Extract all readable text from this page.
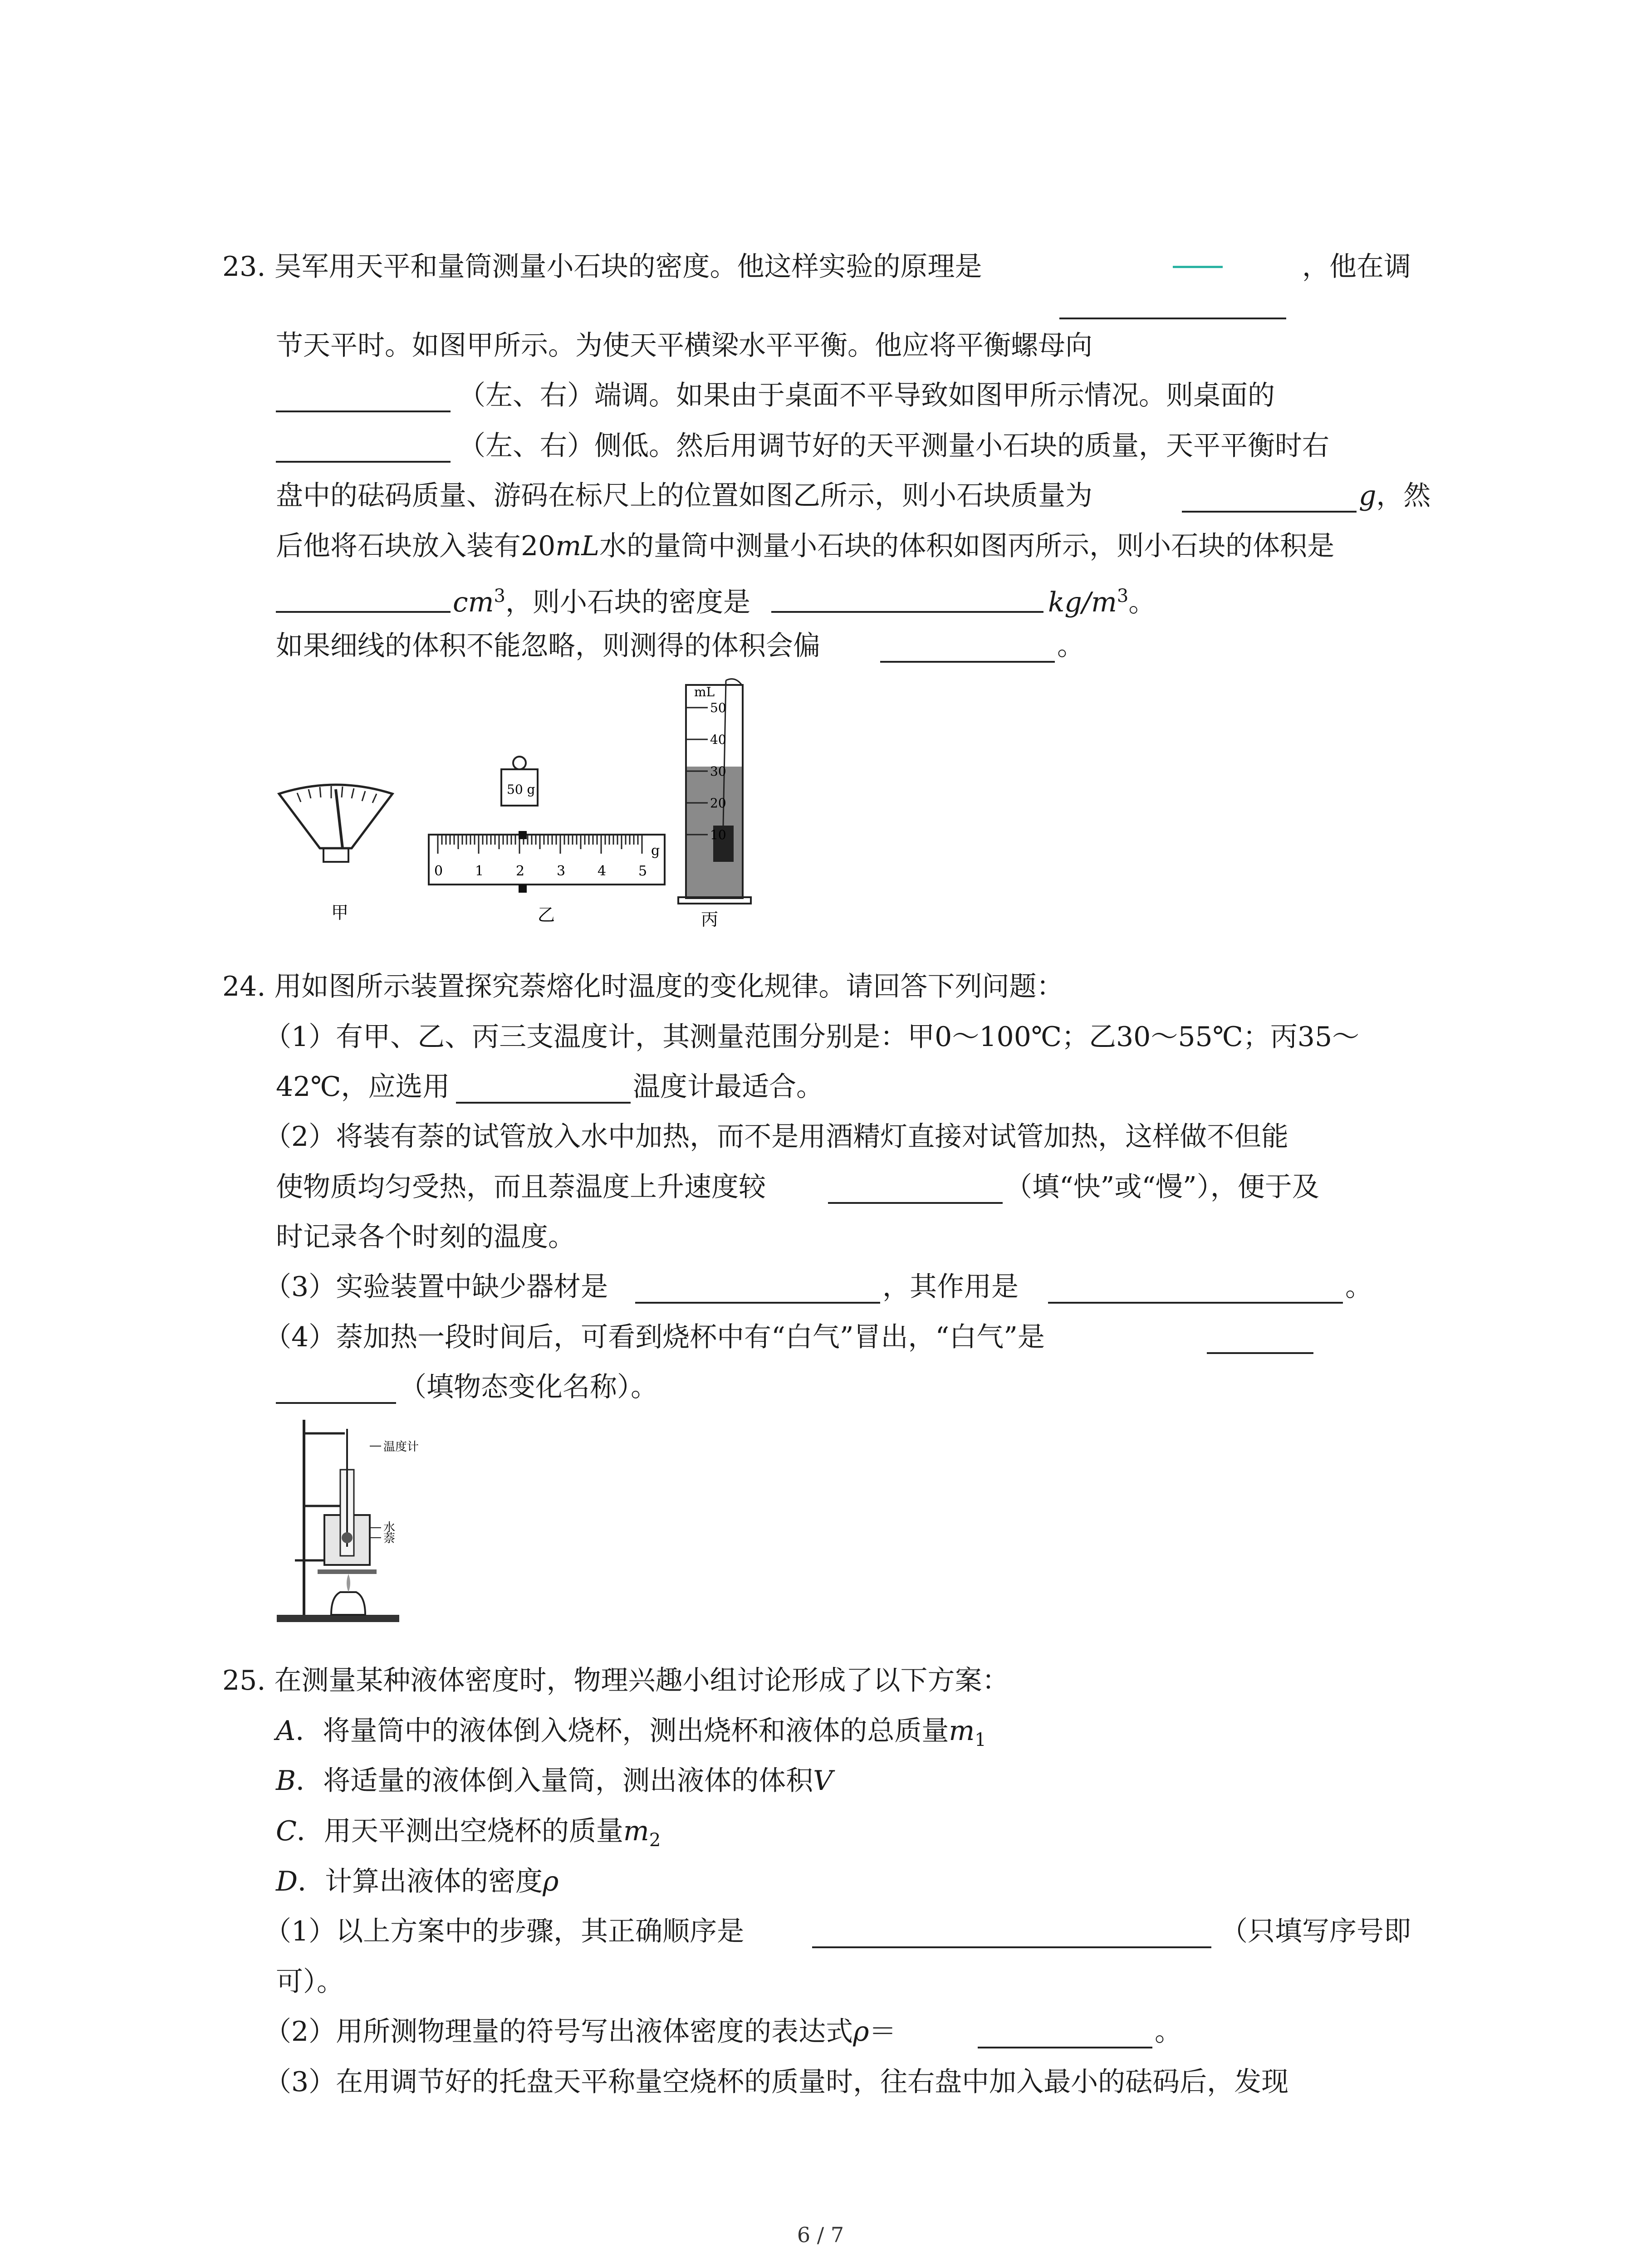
23. 吴军用天平和量筒测量小石块的密度。他这样实验的原理是	，他在调
节天平时。如图甲所示。为使天平横梁水平平衡。他应将平衡螺母向
（左、右）端调。如果由于桌面不平导致如图甲所示情况。则桌面的
（左、右）侧低。然后用调节好的天平测量小石块的质量，天平平衡时右
盘中的砝码质量、游码在标尺上的位置如图乙所示，则小石块质量为	g，然
后他将石块放入装有20mL水的量筒中测量小石块的体积如图丙所示，则小石块的体积是
$cm^3$，则小石块的密度是	$kg/m^3$。
如果细线的体积不能忽略，则测得的体积会偏	。
甲
50 g
0 1 2 3 4 5
g
乙
mL
50
40
30
20
10
丙
24. 用如图所示装置探究萘熔化时温度的变化规律。请回答下列问题：
（1）有甲、乙、丙三支温度计，其测量范围分别是：甲0～100℃；乙30～55℃；丙35～
42℃，应选用	温度计最适合。
（2）将装有萘的试管放入水中加热，而不是用酒精灯直接对试管加热，这样做不但能
使物质均匀受热，而且萘温度上升速度较	（填“快”或“慢”），便于及
时记录各个时刻的温度。
（3）实验装置中缺少器材是	，其作用是	。
（4）萘加热一段时间后，可看到烧杯中有“白气”冒出，“白气”是
（填物态变化名称）。
温度计
水
萘
25. 在测量某种液体密度时，物理兴趣小组讨论形成了以下方案：
A．将量筒中的液体倒入烧杯，测出烧杯和液体的总质量$m_1$
B．将适量的液体倒入量筒，测出液体的体积V
C．用天平测出空烧杯的质量$m_2$
D．计算出液体的密度ρ
（1）以上方案中的步骤，其正确顺序是	（只填写序号即
可）。
（2）用所测物理量的符号写出液体密度的表达式ρ＝	。
（3）在用调节好的托盘天平称量空烧杯的质量时，往右盘中加入最小的砝码后，发现
6 / 7
